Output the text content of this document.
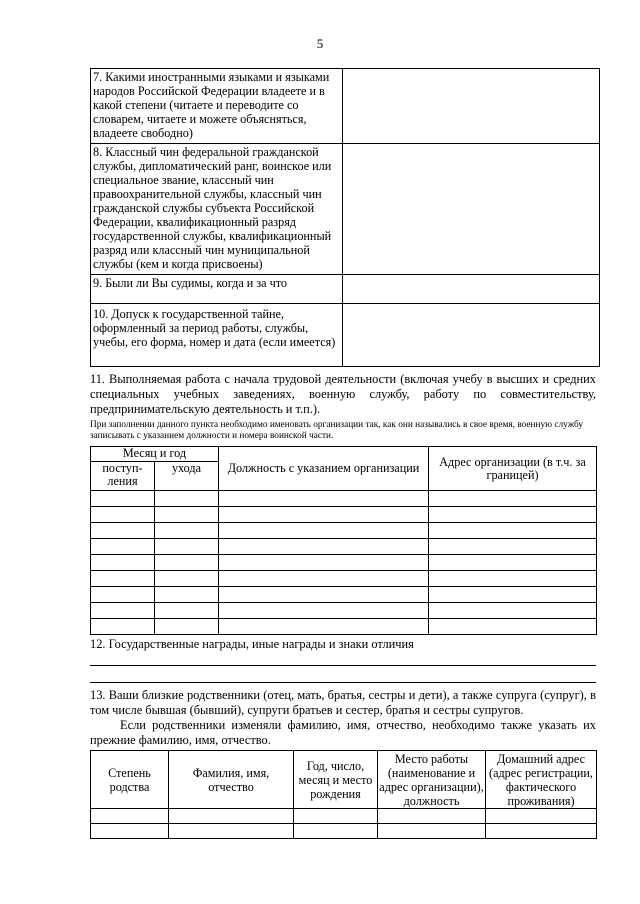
5
7. Какими иностранными языками и языками народов Российской Федерации владеете и в какой степени (читаете и переводите со словарем, читаете и можете объясняться, владеете свободно)	
8. Классный чин федеральной гражданской службы, дипломатический ранг, воинское или специальное звание, классный чин правоохранительной службы, классный чин гражданской службы субъекта Российской Федерации, квалификационный разряд государственной службы, квалификационный разряд или классный чин муниципальной службы (кем и когда присвоены)	
9. Были ли Вы судимы, когда и за что	
10. Допуск к государственной тайне, оформленный за период работы, службы, учебы, его форма, номер и дата (если имеется)	
11. Выполняемая работа с начала трудовой деятельности (включая учебу в высших и средних специальных учебных заведениях, военную службу, работу по совместительству, предпринимательскую деятельность и т.п.).
При заполнении данного пункта необходимо именовать организации так, как они назывались в свое время, военную службу записывать с указанием должности и номера воинской части.
Месяц и год		Должность с указанием организации	Адрес организации (в т.ч. за границей)
поступ-ления	ухода		

12. Государственные награды, иные награды и знаки отличия
13. Ваши близкие родственники (отец, мать, братья, сестры и дети), а также супруга (супруг), в том числе бывшая (бывший), супруги братьев и сестер, братья и сестры супругов.
Если родственники изменяли фамилию, имя, отчество, необходимо также указать их прежние фамилию, имя, отчество.
Степень родства	Фамилия, имя, отчество	Год, число, месяц и место рождения	Место работы (наименование и адрес организации), должность	Домашний адрес (адрес регистрации, фактического проживания)
